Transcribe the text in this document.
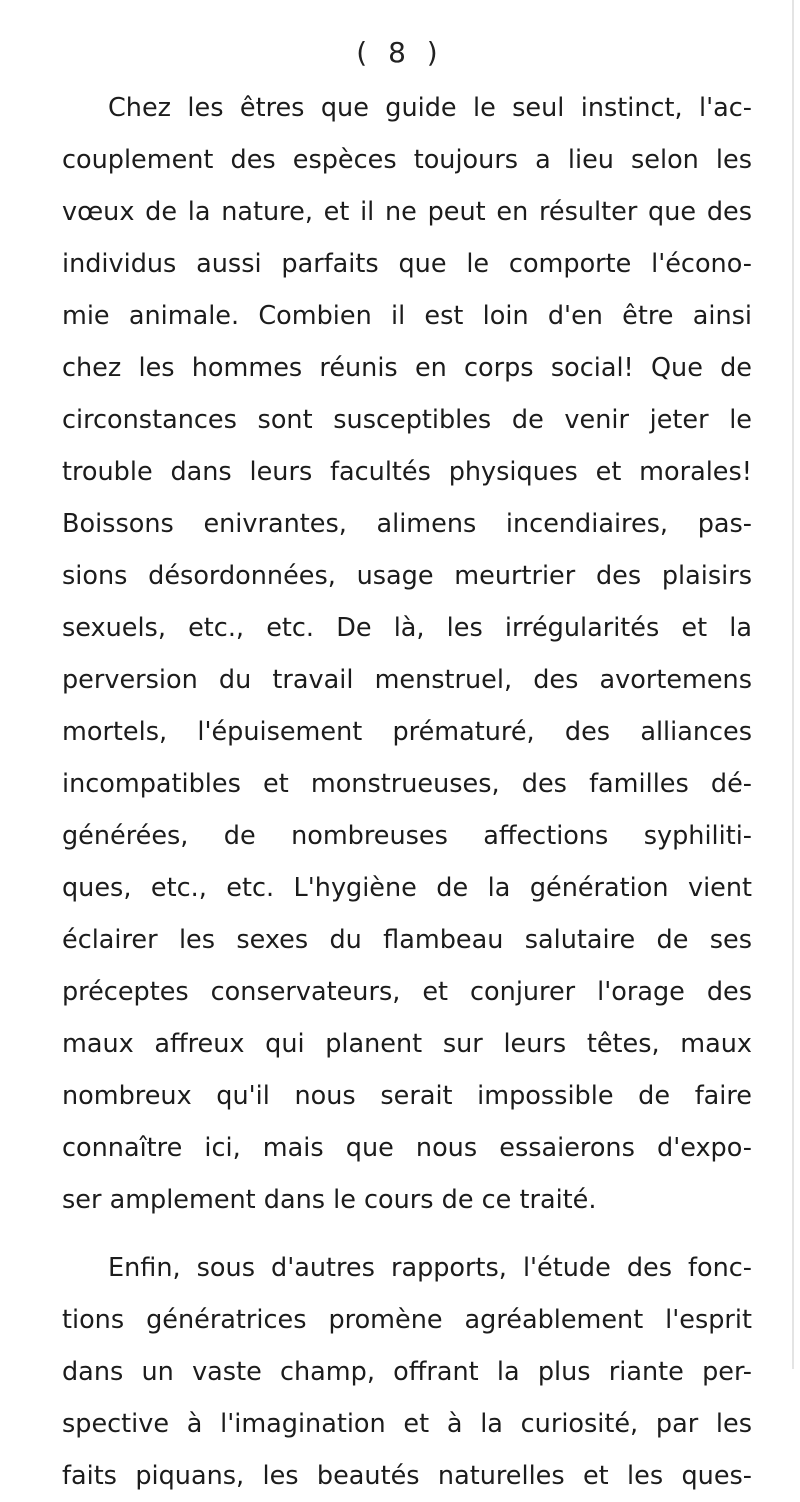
( 8 )
Chez les êtres que guide le seul instinct, l'ac-
couplement des espèces toujours a lieu selon les
vœux de la nature, et il ne peut en résulter que des
individus aussi parfaits que le comporte l'écono-
mie animale. Combien il est loin d'en être ainsi
chez les hommes réunis en corps social! Que de
circonstances sont susceptibles de venir jeter le
trouble dans leurs facultés physiques et morales!
Boissons enivrantes, alimens incendiaires, pas-
sions désordonnées, usage meurtrier des plaisirs
sexuels, etc., etc. De là, les irrégularités et la
perversion du travail menstruel, des avortemens
mortels, l'épuisement prématuré, des alliances
incompatibles et monstrueuses, des familles dé-
générées, de nombreuses affections syphiliti-
ques, etc., etc. L'hygiène de la génération vient
éclairer les sexes du flambeau salutaire de ses
préceptes conservateurs, et conjurer l'orage des
maux affreux qui planent sur leurs têtes, maux
nombreux qu'il nous serait impossible de faire
connaître ici, mais que nous essaierons d'expo-
ser amplement dans le cours de ce traité.
Enfin, sous d'autres rapports, l'étude des fonc-
tions génératrices promène agréablement l'esprit
dans un vaste champ, offrant la plus riante per-
spective à l'imagination et à la curiosité, par les
faits piquans, les beautés naturelles et les ques-
